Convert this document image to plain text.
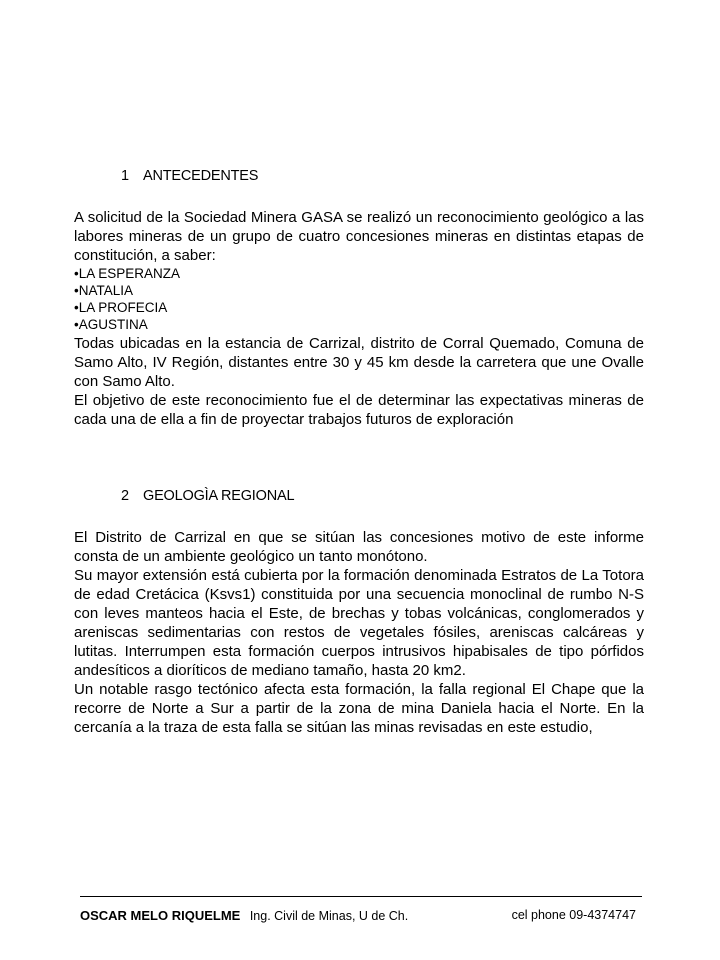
1 ANTECEDENTES

A solicitud de la Sociedad Minera GASA se realizó un reconocimiento geológico a las labores mineras de un grupo de cuatro concesiones mineras en distintas etapas de constitución, a saber:

• LA ESPERANZA
• NATALIA
• LA PROFECIA
• AGUSTINA

Todas ubicadas en la estancia de Carrizal, distrito de Corral Quemado, Comuna de Samo Alto, IV Región, distantes entre 30 y 45 km desde la carretera que une Ovalle con Samo Alto.

El objetivo de este reconocimiento fue el de determinar las expectativas mineras de cada una de ella a fin de proyectar trabajos futuros de exploración

2 GEOLOGÌA REGIONAL

El Distrito de Carrizal en que se sitúan las concesiones motivo de este informe consta de un ambiente geológico un tanto monótono.

Su mayor extensión está cubierta por la formación denominada Estratos de La Totora de edad Cretácica (Ksvs1) constituida por una secuencia monoclinal de rumbo N-S con leves manteos hacia el Este, de brechas y tobas volcánicas, conglomerados y areniscas sedimentarias con restos de vegetales fósiles, areniscas calcáreas y lutitas. Interrumpen esta formación cuerpos intrusivos hipabisales de tipo pórfidos andesíticos a dioríticos de mediano tamaño, hasta 20 km2.

Un notable rasgo tectónico afecta esta formación, la falla regional El Chape que la recorre de Norte a Sur a partir de la zona de mina Daniela hacia el Norte. En la cercanía a la traza de esta falla se sitúan las minas revisadas en este estudio,

OSCAR MELO RIQUELME Ing. Civil de Minas, U de Ch.	cel phone 09-4374747
